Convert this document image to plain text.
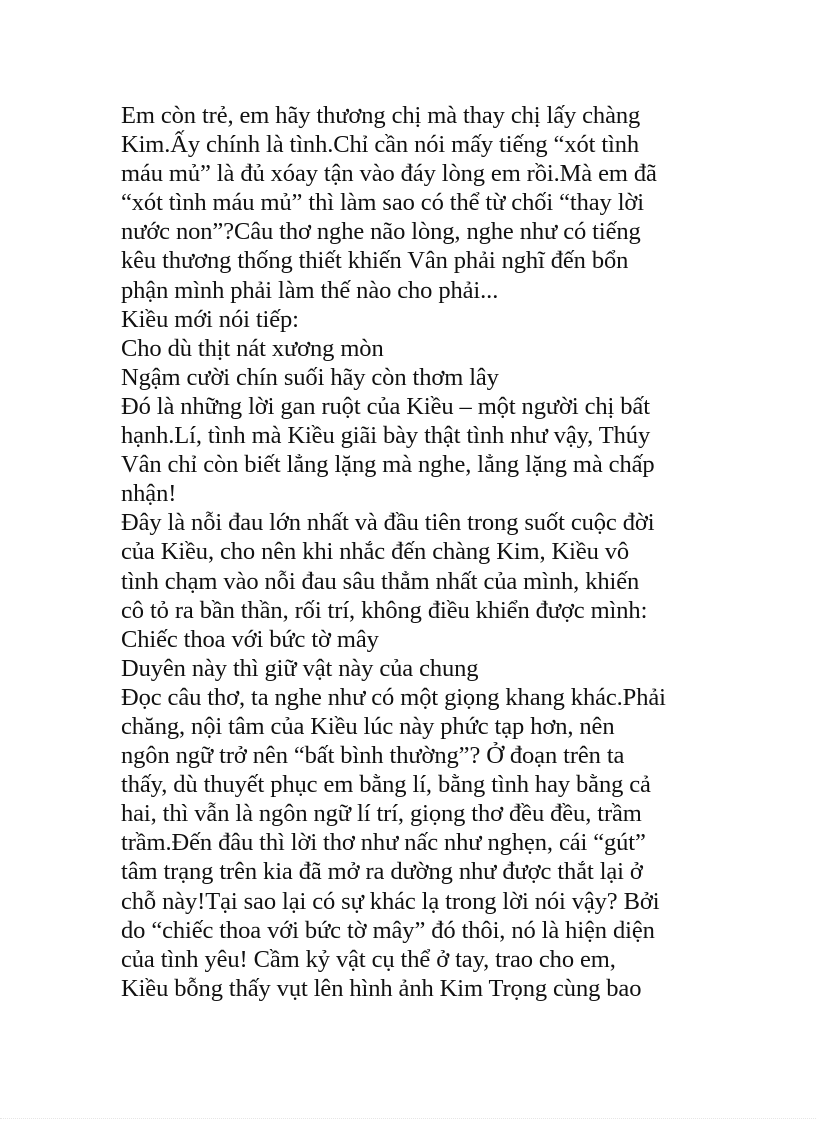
Em còn trẻ, em hãy thương chị mà thay chị lấy chàng
Kim.Ấy chính là tình.Chỉ cần nói mấy tiếng “xót tình
máu mủ” là đủ xóay tận vào đáy lòng em rồi.Mà em đã
“xót tình máu mủ” thì làm sao có thể từ chối “thay lời
nước non”?Câu thơ nghe não lòng, nghe như có tiếng
kêu thương thống thiết khiến Vân phải nghĩ đến bổn
phận mình phải làm thế nào cho phải...
Kiều mới nói tiếp:
Cho dù thịt nát xương mòn
Ngậm cười chín suối hãy còn thơm lây
Đó là những lời gan ruột của Kiều – một người chị bất
hạnh.Lí, tình mà Kiều giãi bày thật tình như vậy, Thúy
Vân chỉ còn biết lẳng lặng mà nghe, lẳng lặng mà chấp
nhận!
Đây là nỗi đau lớn nhất và đầu tiên trong suốt cuộc đời
của Kiều, cho nên khi nhắc đến chàng Kim, Kiều vô
tình chạm vào nỗi đau sâu thẳm nhất của mình, khiến
cô tỏ ra bần thần, rối trí, không điều khiển được mình:
Chiếc thoa với bức tờ mây
Duyên này thì giữ vật này của chung
Đọc câu thơ, ta nghe như có một giọng khang khác.Phải
chăng, nội tâm của Kiều lúc này phức tạp hơn, nên
ngôn ngữ trở nên “bất bình thường”? Ở đoạn trên ta
thấy, dù thuyết phục em bằng lí, bằng tình hay bằng cả
hai, thì vẫn là ngôn ngữ lí trí, giọng thơ đều đều, trầm
trầm.Đến đâu thì lời thơ như nấc như nghẹn, cái “gút”
tâm trạng trên kia đã mở ra dường như được thắt lại ở
chỗ này!Tại sao lại có sự khác lạ trong lời nói vậy? Bởi
do “chiếc thoa với bức tờ mây” đó thôi, nó là hiện diện
của tình yêu! Cầm kỷ vật cụ thể ở tay, trao cho em,
Kiều bỗng thấy vụt lên hình ảnh Kim Trọng cùng bao
